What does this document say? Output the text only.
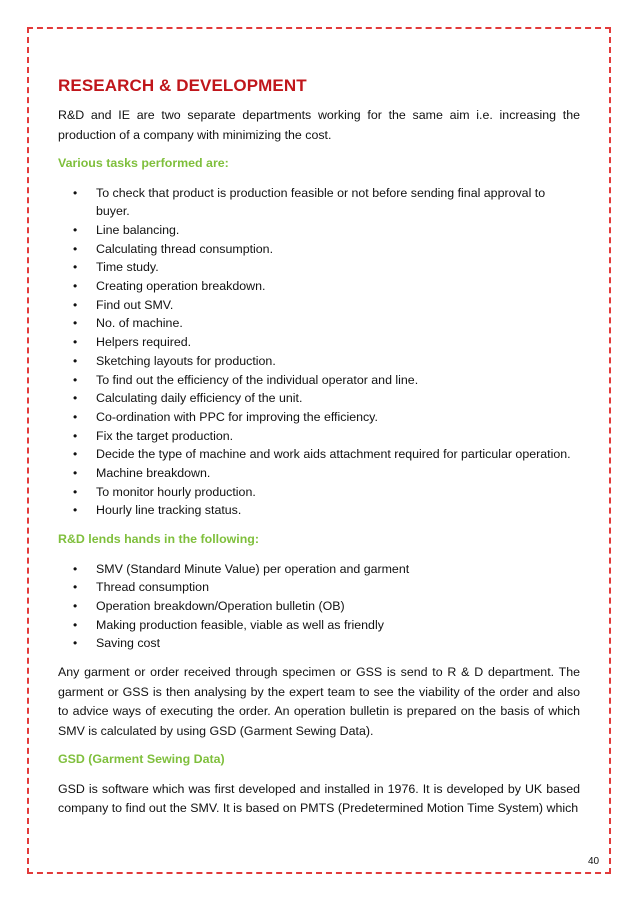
RESEARCH & DEVELOPMENT

R&D and IE are two separate departments working for the same aim i.e. increasing the production of a company with minimizing the cost.

Various tasks performed are:
• To check that product is production feasible or not before sending final approval to buyer.
• Line balancing.
• Calculating thread consumption.
• Time study.
• Creating operation breakdown.
• Find out SMV.
• No. of machine.
• Helpers required.
• Sketching layouts for production.
• To find out the efficiency of the individual operator and line.
• Calculating daily efficiency of the unit.
• Co-ordination with PPC for improving the efficiency.
• Fix the target production.
• Decide the type of machine and work aids attachment required for particular operation.
• Machine breakdown.
• To monitor hourly production.
• Hourly line tracking status.
R&D lends hands in the following:
• SMV (Standard Minute Value) per operation and garment
• Thread consumption
• Operation breakdown/Operation bulletin (OB)
• Making production feasible, viable as well as friendly
• Saving cost

Any garment or order received through specimen or GSS is send to R & D department. The garment or GSS is then analysing by the expert team to see the viability of the order and also to advice ways of executing the order. An operation bulletin is prepared on the basis of which SMV is calculated by using GSD (Garment Sewing Data).

GSD (Garment Sewing Data)

GSD is software which was first developed and installed in 1976. It is developed by UK based company to find out the SMV. It is based on PMTS (Predetermined Motion Time System) which

40
